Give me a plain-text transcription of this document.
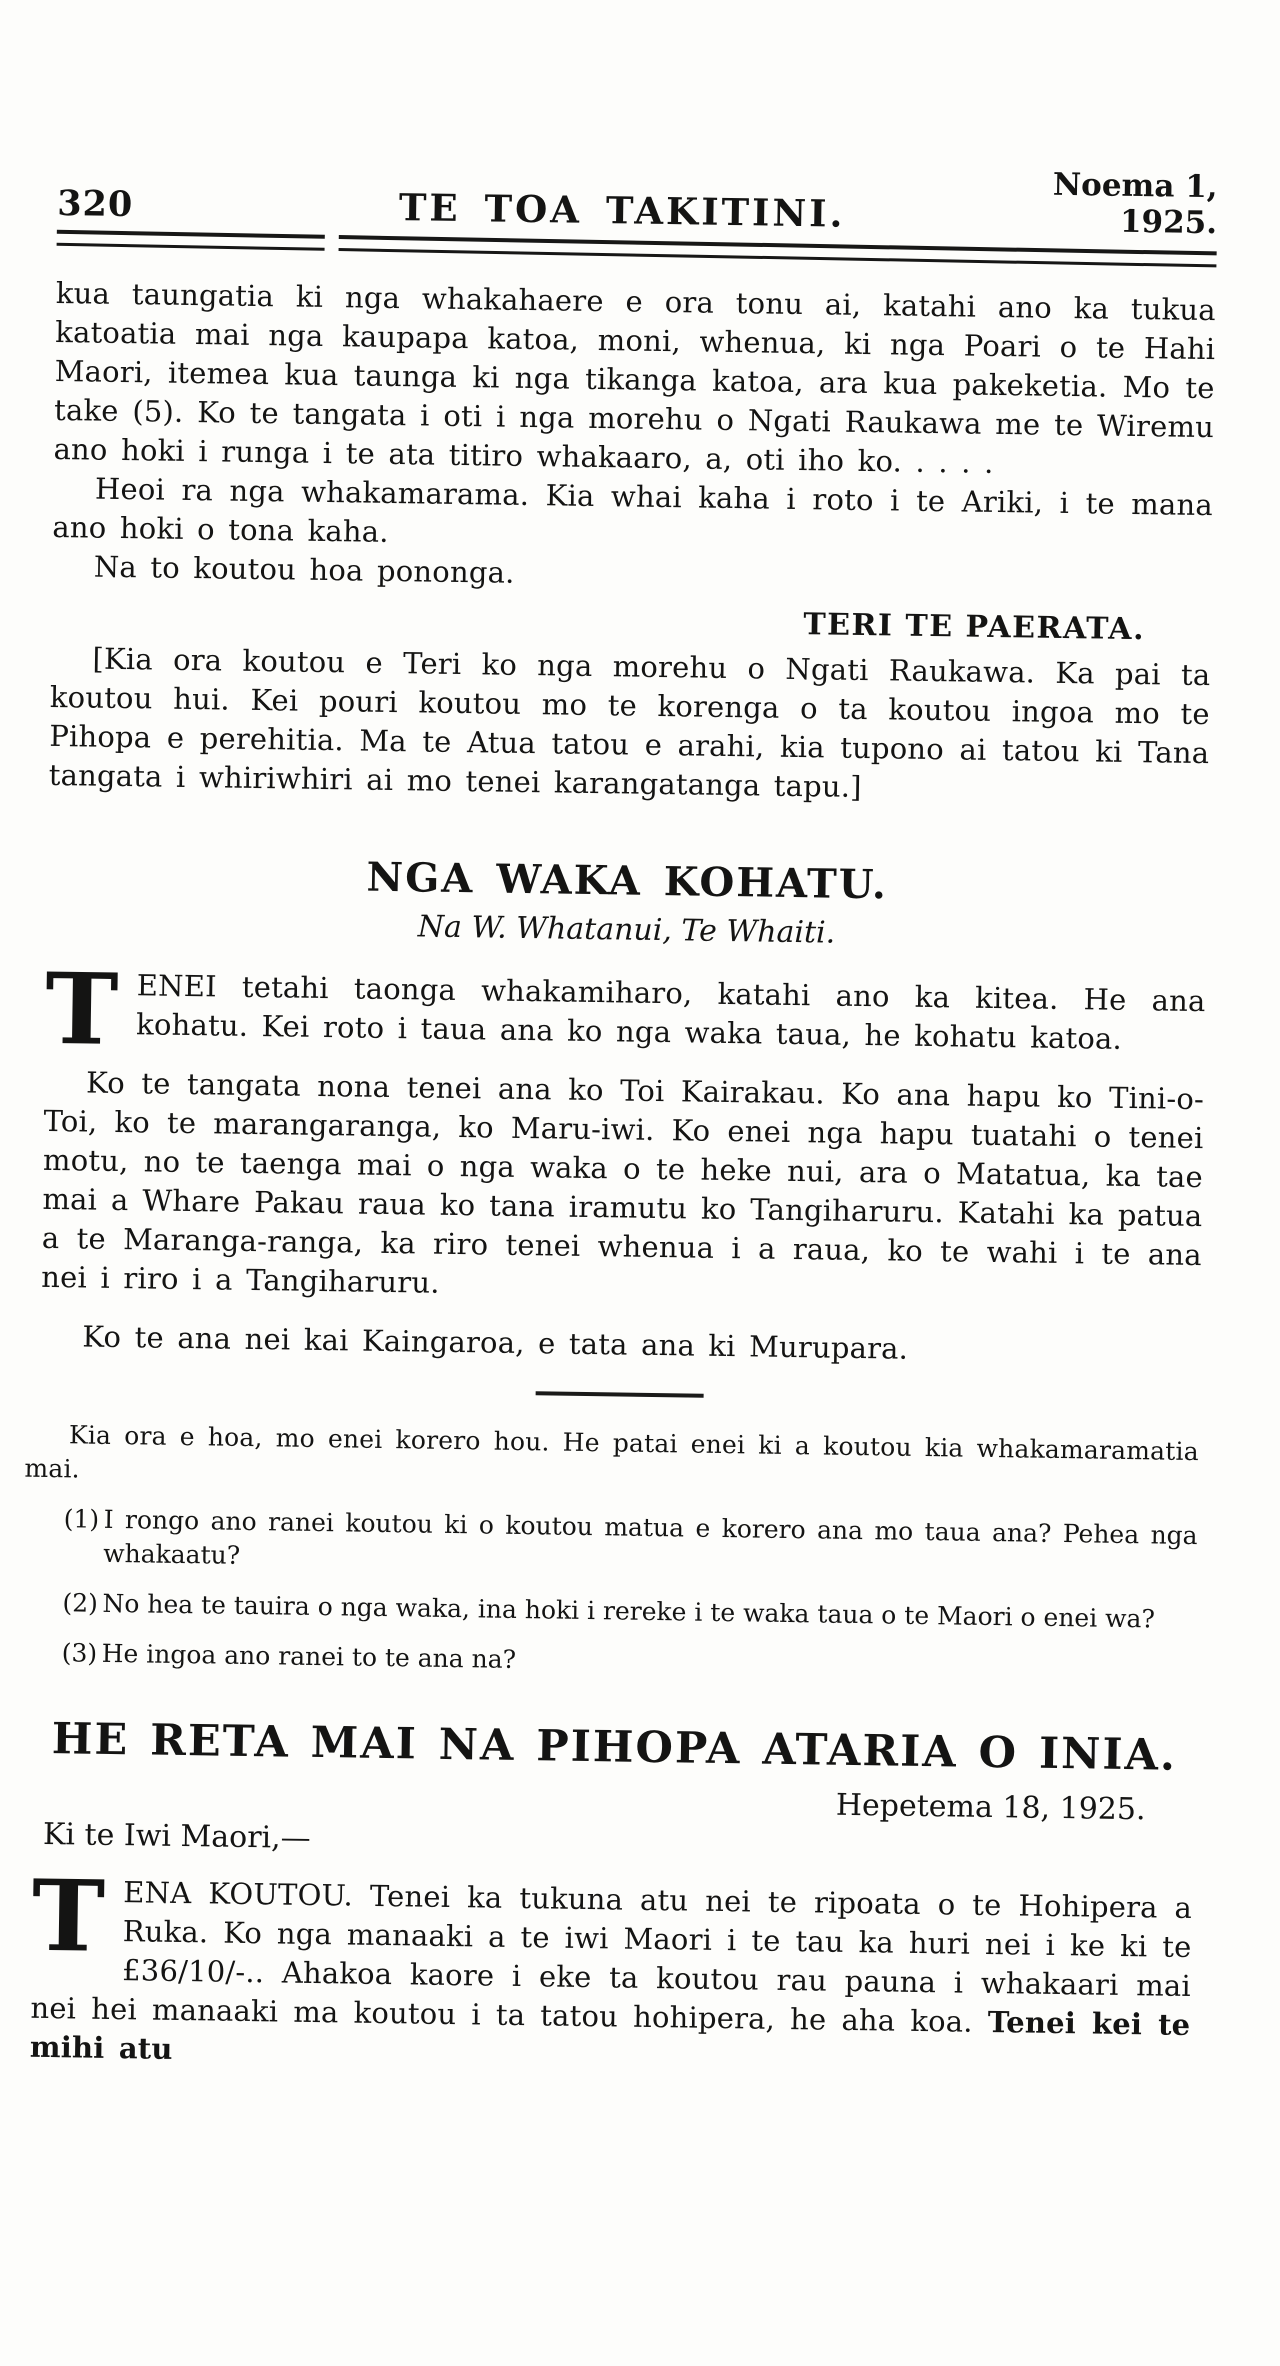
320	TE TOA TAKITINI.	Noema 1, 1925.

kua taungatia ki nga whakahaere e ora tonu ai, katahi ano ka tukua katoatia mai nga kaupapa katoa, moni, whenua, ki nga Poari o te Hahi Maori, itemea kua taunga ki nga tikanga katoa, ara kua pakeketia. Mo te take (5). Ko te tangata i oti i nga morehu o Ngati Raukawa me te Wiremu ano hoki i runga i te ata titiro whakaaro, a, oti iho ko. . . . .

Heoi ra nga whakamarama. Kia whai kaha i roto i te Ariki, i te mana ano hoki o tona kaha.

Na to koutou hoa pononga.

TERI TE PAERATA.

[Kia ora koutou e Teri ko nga morehu o Ngati Raukawa. Ka pai ta koutou hui. Kei pouri koutou mo te korenga o ta koutou ingoa mo te Pihopa e perehitia. Ma te Atua tatou e arahi, kia tupono ai tatou ki Tana tangata i whiriwhiri ai mo tenei karangatanga tapu.]

NGA WAKA KOHATU.

Na W. Whatanui, Te Whaiti.

TENEI tetahi taonga whakamiharo, katahi ano ka kitea. He ana kohatu. Kei roto i taua ana ko nga waka taua, he kohatu katoa.

Ko te tangata nona tenei ana ko Toi Kairakau. Ko ana hapu ko Tini-o-Toi, ko te marangaranga, ko Maru-iwi. Ko enei nga hapu tuatahi o tenei motu, no te taenga mai o nga waka o te heke nui, ara o Matatua, ka tae mai a Whare Pakau raua ko tana iramutu ko Tangiharuru. Katahi ka patua a te Maranga-ranga, ka riro tenei whenua i a raua, ko te wahi i te ana nei i riro i a Tangiharuru.

Ko te ana nei kai Kaingaroa, e tata ana ki Murupara.

Kia ora e hoa, mo enei korero hou. He patai enei ki a koutou kia whakamaramatia mai.

(1) I rongo ano ranei koutou ki o koutou matua e korero ana mo taua ana? Pehea nga whakaatu?
(2) No hea te tauira o nga waka, ina hoki i rereke i te waka taua o te Maori o enei wa?
(3) He ingoa ano ranei to te ana na?
HE RETA MAI NA PIHOPA ATARIA O INIA.

Hepetema 18, 1925.

Ki te Iwi Maori,—

TENA KOUTOU. Tenei ka tukuna atu nei te ripoata o te Hohipera a Ruka. Ko nga manaaki a te iwi Maori i te tau ka huri nei i ke ki te £36/10/-.. Ahakoa kaore i eke ta koutou rau pauna i whakaari mai nei hei manaaki ma koutou i ta tatou hohipera, he aha koa. Tenei kei te mihi atu
